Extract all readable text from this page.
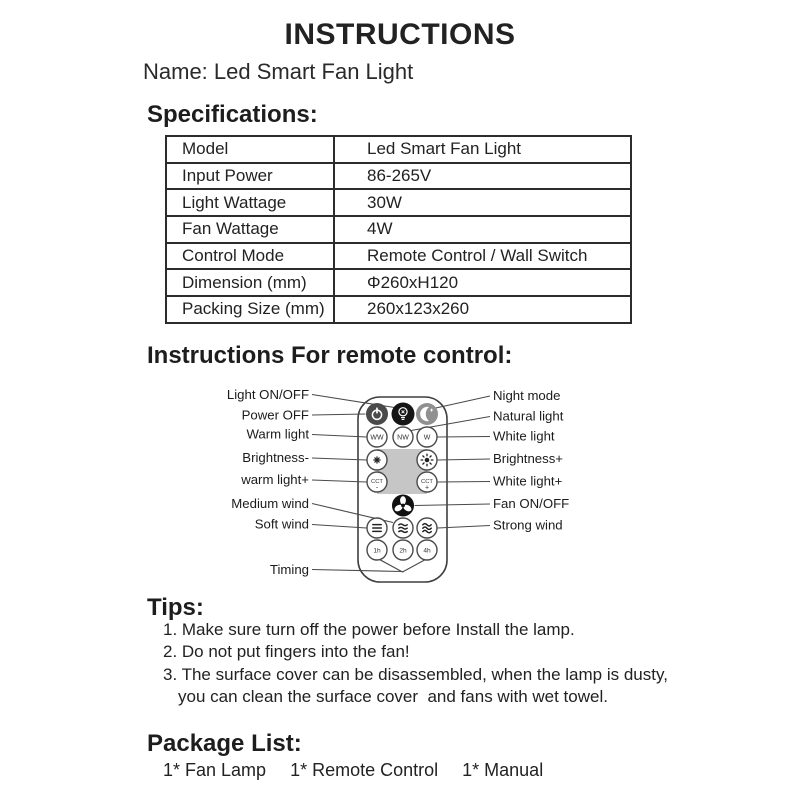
INSTRUCTIONS
Name: Led Smart Fan Light
Specifications:
Model	Led Smart Fan Light
Input Power	86-265V
Light Wattage	30W
Fan Wattage	4W
Control Mode	Remote Control / Wall Switch
Dimension (mm)	Φ260xH120
Packing Size (mm)	260x123x260
Instructions For remote control:
WW NW W
CCT
-
CCT
+
1h	2h	4h
Light ON/OFF
Power OFF
Warm light
Brightness-
warm light+
Medium wind
Soft wind
Timing
Night mode
Natural light
White light
Brightness+
White light+
Fan ON/OFF
Strong wind
Tips:
1. Make sure turn off the power before Install the lamp.
2. Do not put fingers into the fan!
3. The surface cover can be disassembled, when the lamp is dusty,
you can clean the surface cover  and fans with wet towel.
Package List:
1* Fan Lamp 1* Remote Control 1* Manual
